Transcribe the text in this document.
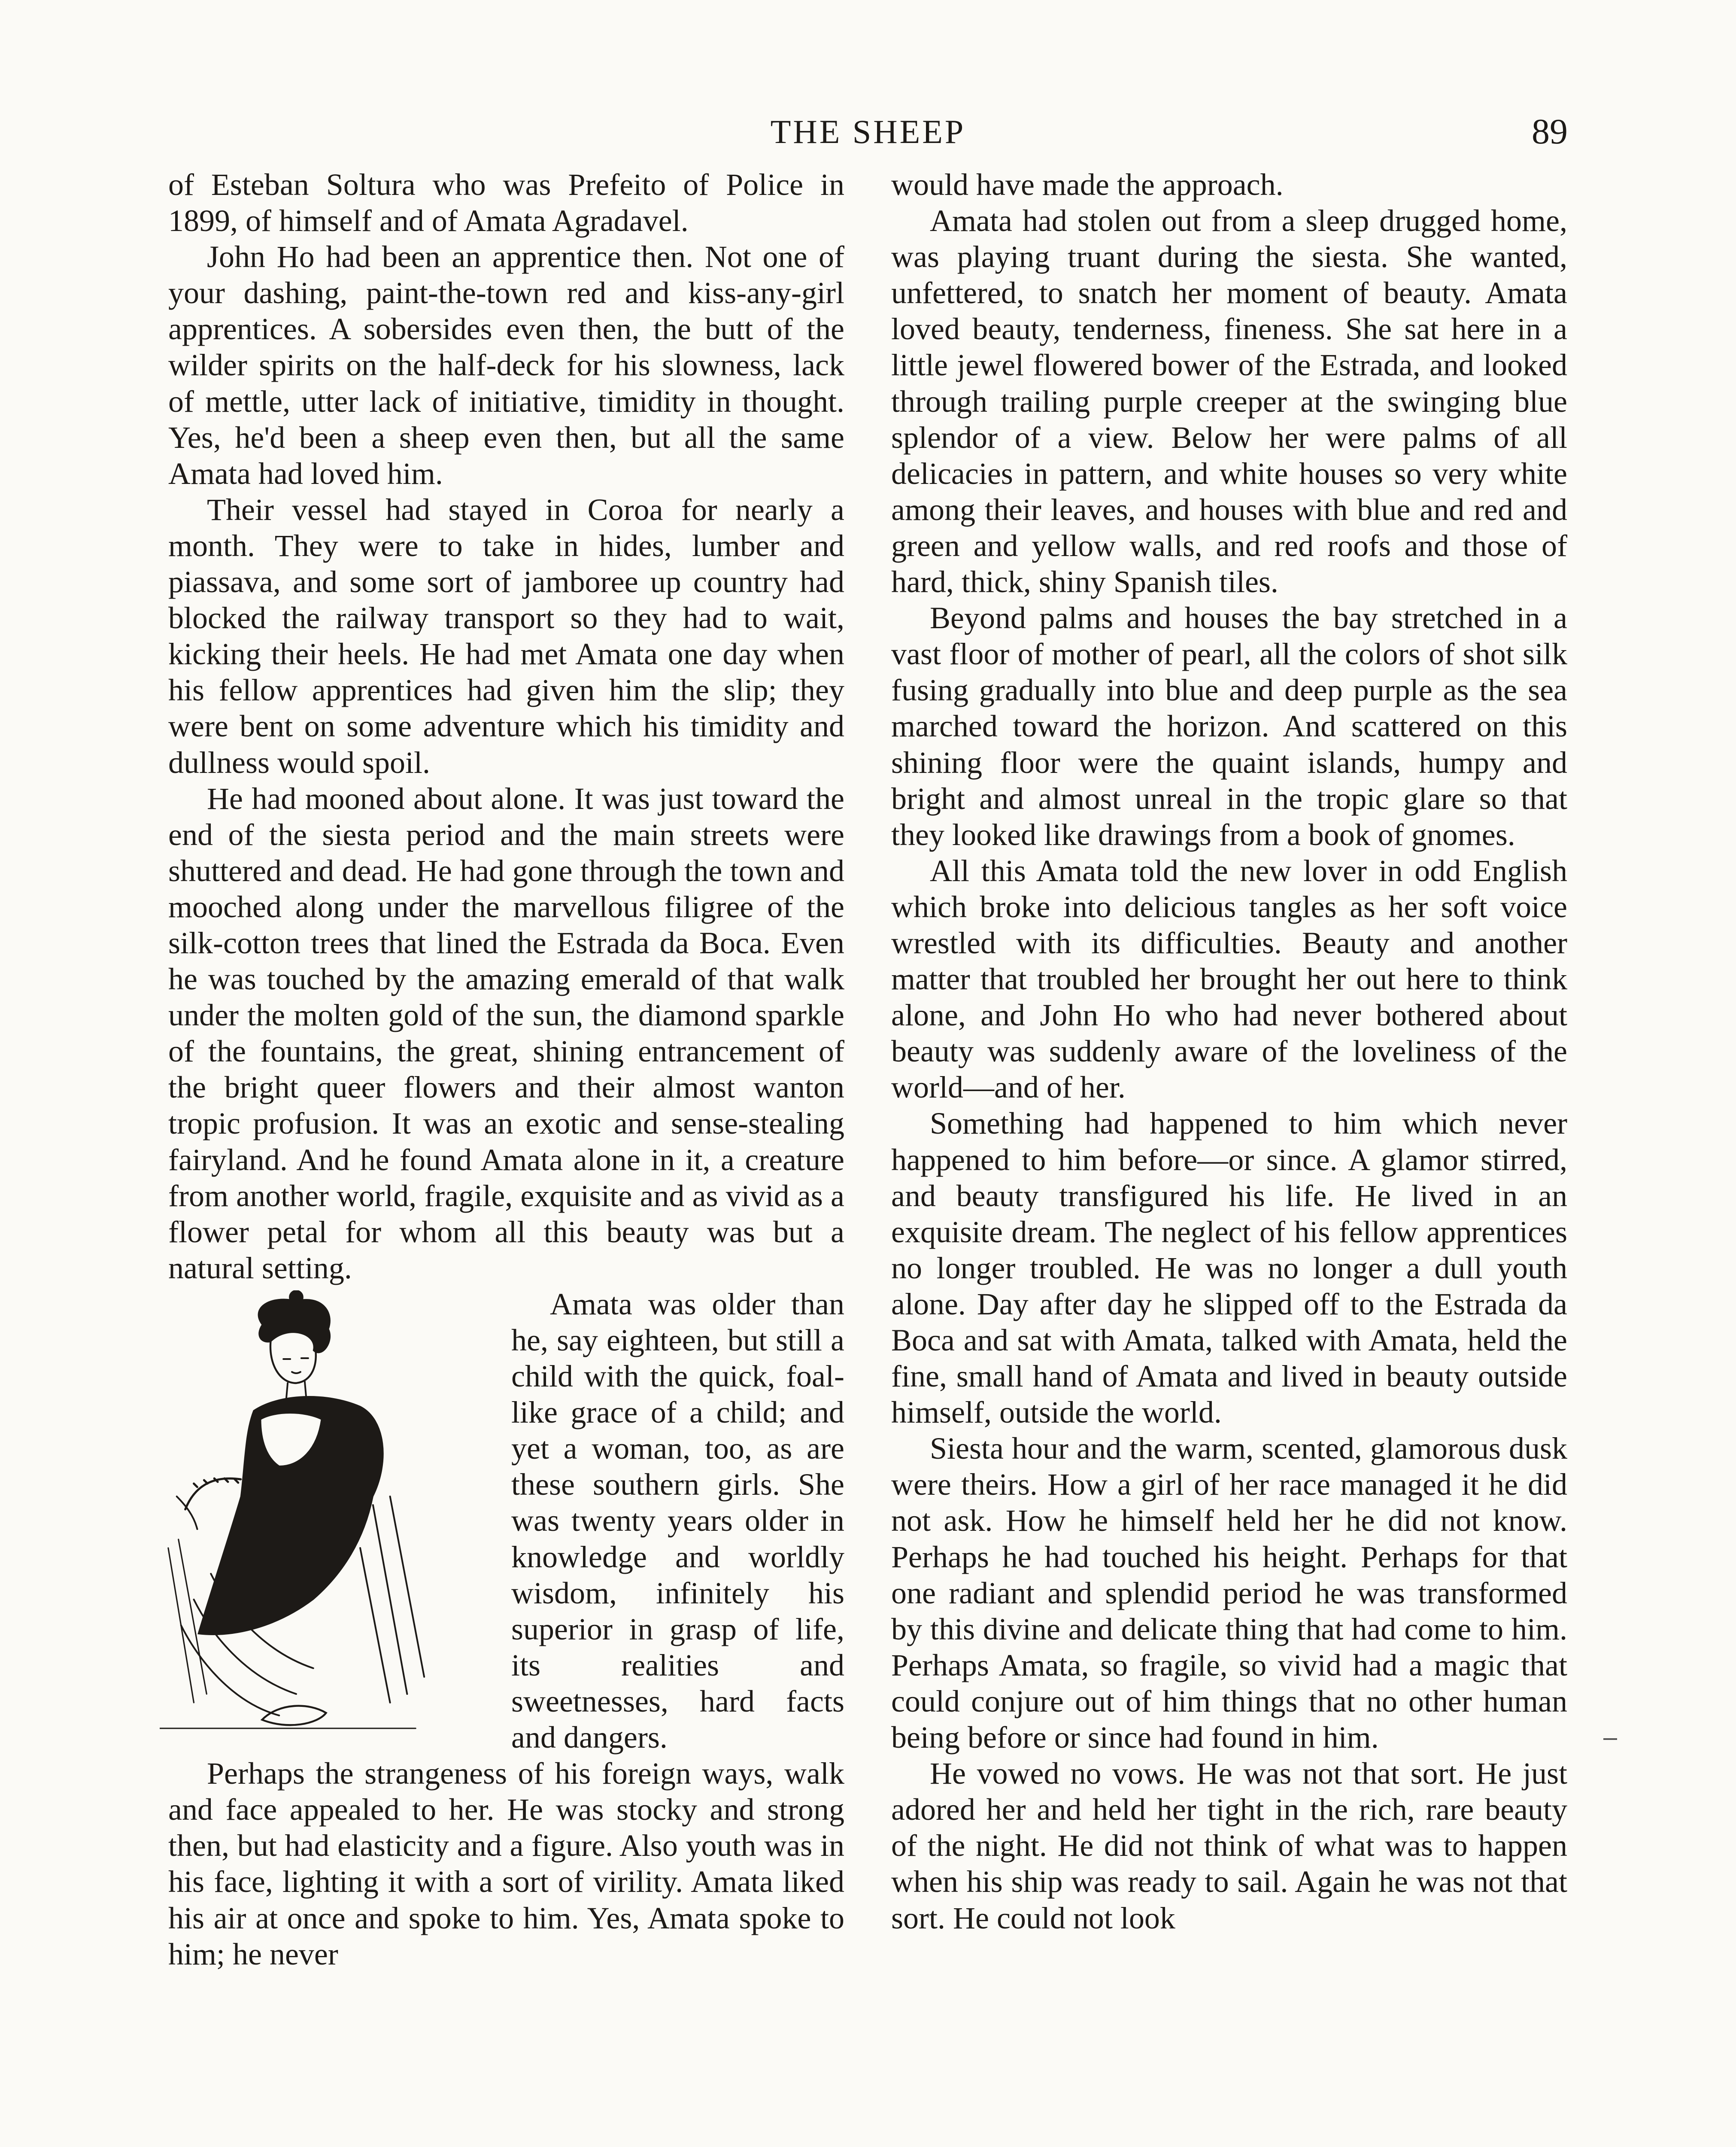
THE SHEEP	89

of Esteban Soltura who was Prefeito of Police in 1899, of himself and of Amata Agradavel.

John Ho had been an apprentice then. Not one of your dashing, paint-the-town red and kiss-any-girl apprentices. A sobersides even then, the butt of the wilder spirits on the half-deck for his slowness, lack of mettle, utter lack of initiative, timidity in thought. Yes, he'd been a sheep even then, but all the same Amata had loved him.

Their vessel had stayed in Coroa for nearly a month. They were to take in hides, lumber and piassava, and some sort of jamboree up country had blocked the railway transport so they had to wait, kicking their heels. He had met Amata one day when his fellow apprentices had given him the slip; they were bent on some adventure which his timidity and dullness would spoil.

He had mooned about alone. It was just toward the end of the siesta period and the main streets were shuttered and dead. He had gone through the town and mooched along under the marvellous filigree of the silk-cotton trees that lined the Estrada da Boca. Even he was touched by the amazing emerald of that walk under the molten gold of the sun, the diamond sparkle of the fountains, the great, shining entrancement of the bright queer flowers and their almost wanton tropic profusion. It was an exotic and sense-stealing fairyland. And he found Amata alone in it, a creature from another world, fragile, exquisite and as vivid as a flower petal for whom all this beauty was but a natural setting.

Amata was older than he, say eighteen, but still a child with the quick, foal-like grace of a child; and yet a woman, too, as are these southern girls. She was twenty years older in knowledge and worldly wisdom, infinitely his superior in grasp of life, its realities and sweetnesses, hard facts and dangers.

Perhaps the strangeness of his foreign ways, walk and face appealed to her. He was stocky and strong then, but had elasticity and a figure. Also youth was in his face, lighting it with a sort of virility. Amata liked his air at once and spoke to him. Yes, Amata spoke to him; he never

would have made the approach.

Amata had stolen out from a sleep drugged home, was playing truant during the siesta. She wanted, unfettered, to snatch her moment of beauty. Amata loved beauty, tenderness, fineness. She sat here in a little jewel flowered bower of the Estrada, and looked through trailing purple creeper at the swinging blue splendor of a view. Below her were palms of all delicacies in pattern, and white houses so very white among their leaves, and houses with blue and red and green and yellow walls, and red roofs and those of hard, thick, shiny Spanish tiles.

Beyond palms and houses the bay stretched in a vast floor of mother of pearl, all the colors of shot silk fusing gradually into blue and deep purple as the sea marched toward the horizon. And scattered on this shining floor were the quaint islands, humpy and bright and almost unreal in the tropic glare so that they looked like drawings from a book of gnomes.

All this Amata told the new lover in odd English which broke into delicious tangles as her soft voice wrestled with its difficulties. Beauty and another matter that troubled her brought her out here to think alone, and John Ho who had never bothered about beauty was suddenly aware of the loveliness of the world—and of her.

Something had happened to him which never happened to him before—or since. A glamor stirred, and beauty transfigured his life. He lived in an exquisite dream. The neglect of his fellow apprentices no longer troubled. He was no longer a dull youth alone. Day after day he slipped off to the Estrada da Boca and sat with Amata, talked with Amata, held the fine, small hand of Amata and lived in beauty outside himself, outside the world.

Siesta hour and the warm, scented, glamorous dusk were theirs. How a girl of her race managed it he did not ask. How he himself held her he did not know. Perhaps he had touched his height. Perhaps for that one radiant and splendid period he was transformed by this divine and delicate thing that had come to him. Perhaps Amata, so fragile, so vivid had a magic that could conjure out of him things that no other human being before or since had found in him.

He vowed no vows. He was not that sort. He just adored her and held her tight in the rich, rare beauty of the night. He did not think of what was to happen when his ship was ready to sail. Again he was not that sort. He could not look
